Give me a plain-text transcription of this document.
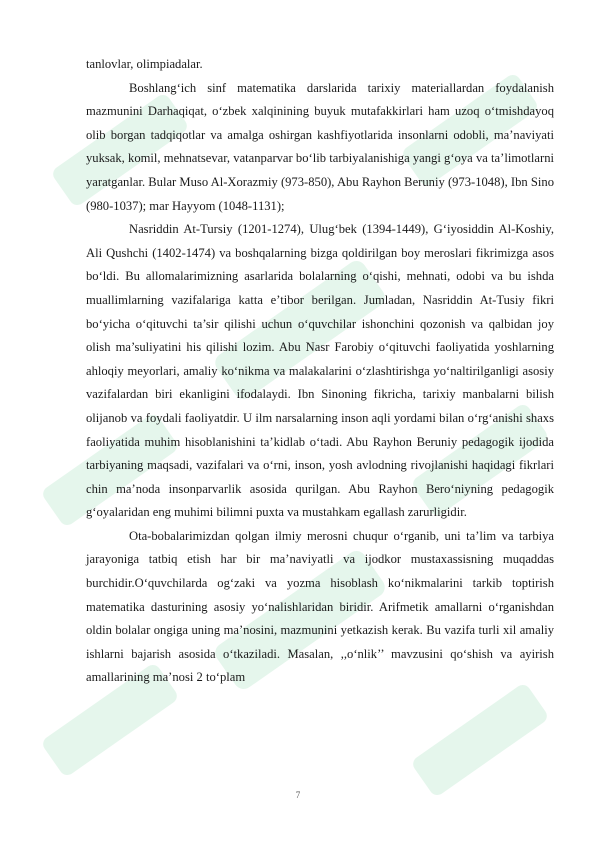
tanlovlar, olimpiadalar.

Boshlang‘ich sinf matematika darslarida tarixiy materiallardan foydalanish mazmunini Darhaqiqat, o‘zbek xalqinining buyuk mutafakkirlari ham uzoq o‘tmishdayoq olib borgan tadqiqotlar va amalga oshirgan kashfiyotlarida insonlarni odobli, ma’naviyati yuksak, komil, mehnatsevar, vatanparvar bo‘lib tarbiyalanishiga yangi g‘oya va ta’limotlarni yaratganlar. Bular Muso Al-Xorazmiy (973-850), Abu Rayhon Beruniy (973-1048), Ibn Sino (980-1037); mar Hayyom (1048-1131);

Nasriddin At-Tursiy (1201-1274), Ulug‘bek (1394-1449), G‘iyosiddin Al-Koshiy, Ali Qushchi (1402-1474) va boshqalarning bizga qoldirilgan boy meroslari fikrimizga asos bo‘ldi. Bu allomalarimizning asarlarida bolalarning o‘qishi, mehnati, odobi va bu ishda muallimlarning vazifalariga katta e’tibor berilgan. Jumladan, Nasriddin At-Tusiy fikri bo‘yicha o‘qituvchi ta’sir qilishi uchun o‘quvchilar ishonchini qozonish va qalbidan joy olish ma’suliyatini his qilishi lozim. Abu Nasr Farobiy o‘qituvchi faoliyatida yoshlarning ahloqiy meyorlari, amaliy ko‘nikma va malakalarini o‘zlashtirishga yo‘naltirilganligi asosiy vazifalardan biri ekanligini ifodalaydi. Ibn Sinoning fikricha, tarixiy manbalarni bilish olijanob va foydali faoliyatdir. U ilm narsalarning inson aqli yordami bilan o‘rg‘anishi shaxs faoliyatida muhim hisoblanishini ta’kidlab o‘tadi. Abu Rayhon Beruniy pedagogik ijodida tarbiyaning maqsadi, vazifalari va o‘rni, inson, yosh avlodning rivojlanishi haqidagi fikrlari chin ma’noda insonparvarlik asosida qurilgan. Abu Rayhon Bero‘niyning pedagogik g‘oyalaridan eng muhimi bilimni puxta va mustahkam egallash zarurligidir.

Ota-bobalarimizdan qolgan ilmiy merosni chuqur o‘rganib, uni ta’lim va tarbiya jarayoniga tatbiq etish har bir ma’naviyatli va ijodkor mustaxassisning muqaddas burchidir.O‘quvchilarda og‘zaki va yozma hisoblash ko‘nikmalarini tarkib toptirish matematika dasturining asosiy yo‘nalishlaridan biridir. Arifmetik amallarni o‘rganishdan oldin bolalar ongiga uning ma’nosini, mazmunini yetkazish kerak. Bu vazifa turli xil amaliy ishlarni bajarish asosida o‘tkaziladi. Masalan, ,,o‘nlik’’ mavzusini qo‘shish va ayirish amallarining ma’nosi 2 to‘plam

7
